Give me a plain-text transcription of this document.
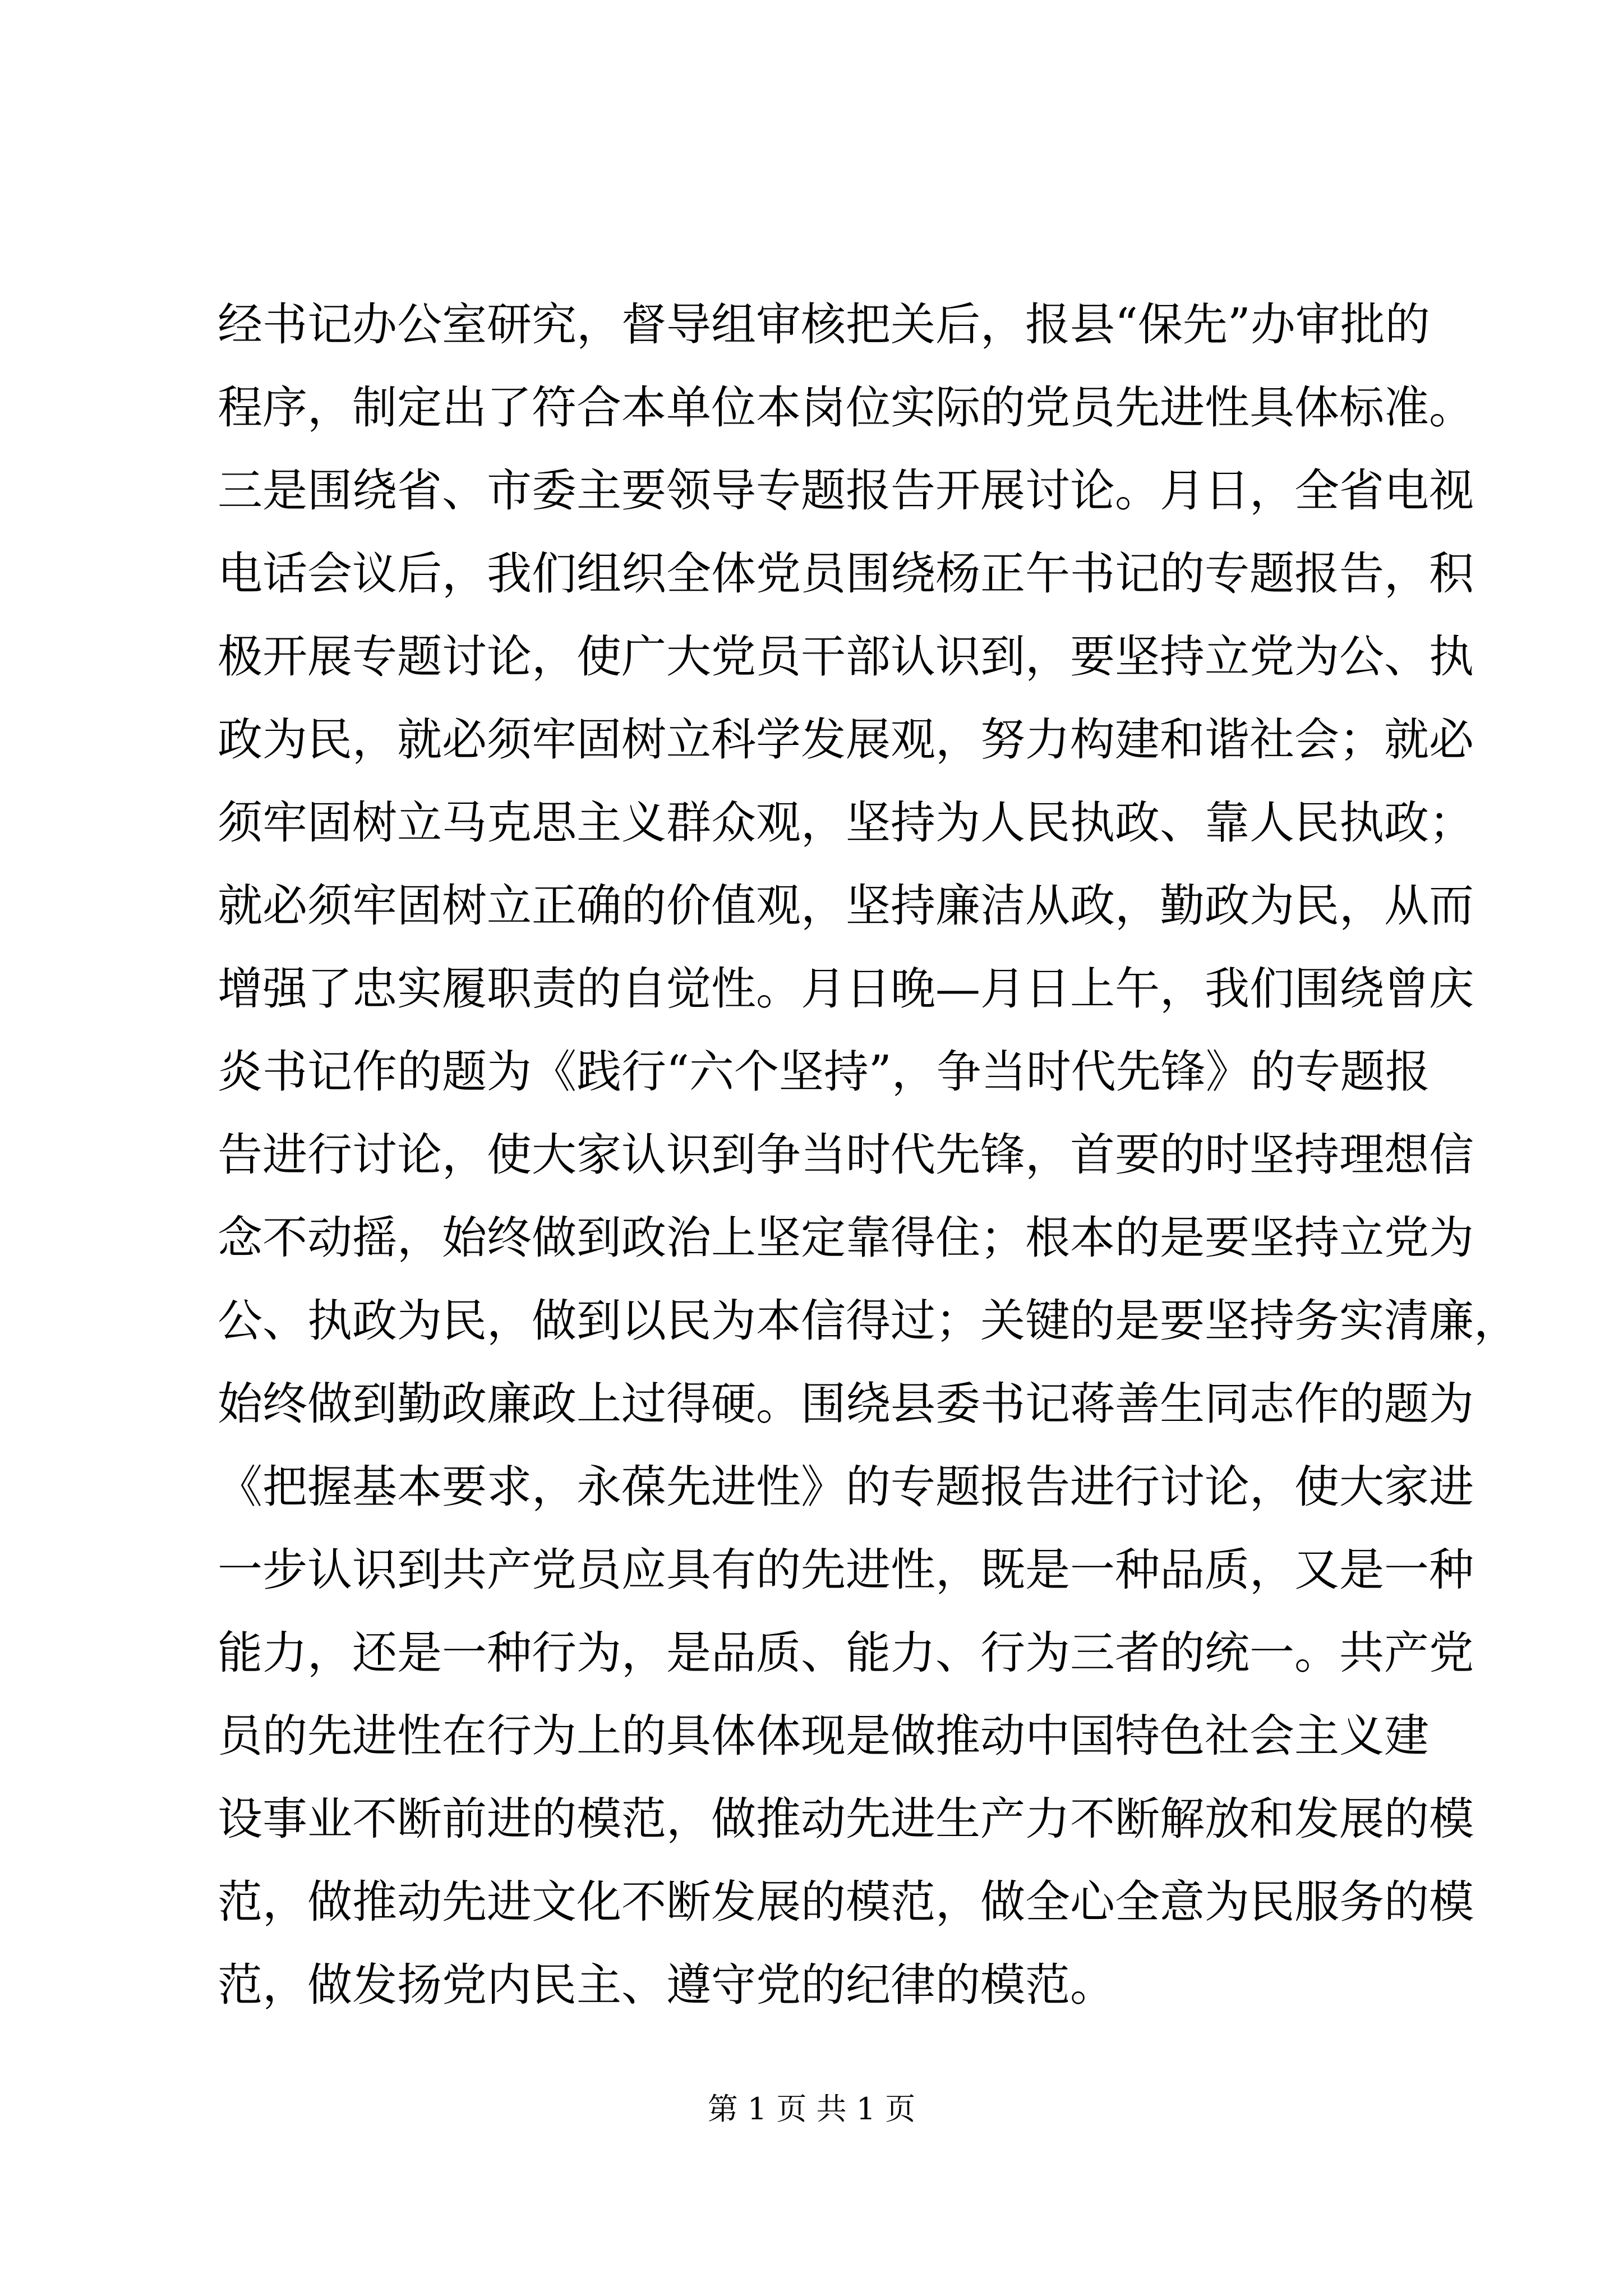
经书记办公室研究，督导组审核把关后，报县“保先”办审批的
程序，制定出了符合本单位本岗位实际的党员先进性具体标准。
三是围绕省、市委主要领导专题报告开展讨论。月日，全省电视
电话会议后，我们组织全体党员围绕杨正午书记的专题报告，积
极开展专题讨论，使广大党员干部认识到，要坚持立党为公、执
政为民，就必须牢固树立科学发展观，努力构建和谐社会；就必
须牢固树立马克思主义群众观，坚持为人民执政、靠人民执政；
就必须牢固树立正确的价值观，坚持廉洁从政，勤政为民，从而
增强了忠实履职责的自觉性。月日晚—月日上午，我们围绕曾庆
炎书记作的题为《践行“六个坚持”，争当时代先锋》的专题报
告进行讨论，使大家认识到争当时代先锋，首要的时坚持理想信
念不动摇，始终做到政治上坚定靠得住；根本的是要坚持立党为
公、执政为民，做到以民为本信得过；关键的是要坚持务实清廉，
始终做到勤政廉政上过得硬。围绕县委书记蒋善生同志作的题为
《把握基本要求，永葆先进性》的专题报告进行讨论，使大家进
一步认识到共产党员应具有的先进性，既是一种品质，又是一种
能力，还是一种行为，是品质、能力、行为三者的统一。共产党
员的先进性在行为上的具体体现是做推动中国特色社会主义建
设事业不断前进的模范，做推动先进生产力不断解放和发展的模
范，做推动先进文化不断发展的模范，做全心全意为民服务的模
范，做发扬党内民主、遵守党的纪律的模范。
第 1 页 共 1 页
